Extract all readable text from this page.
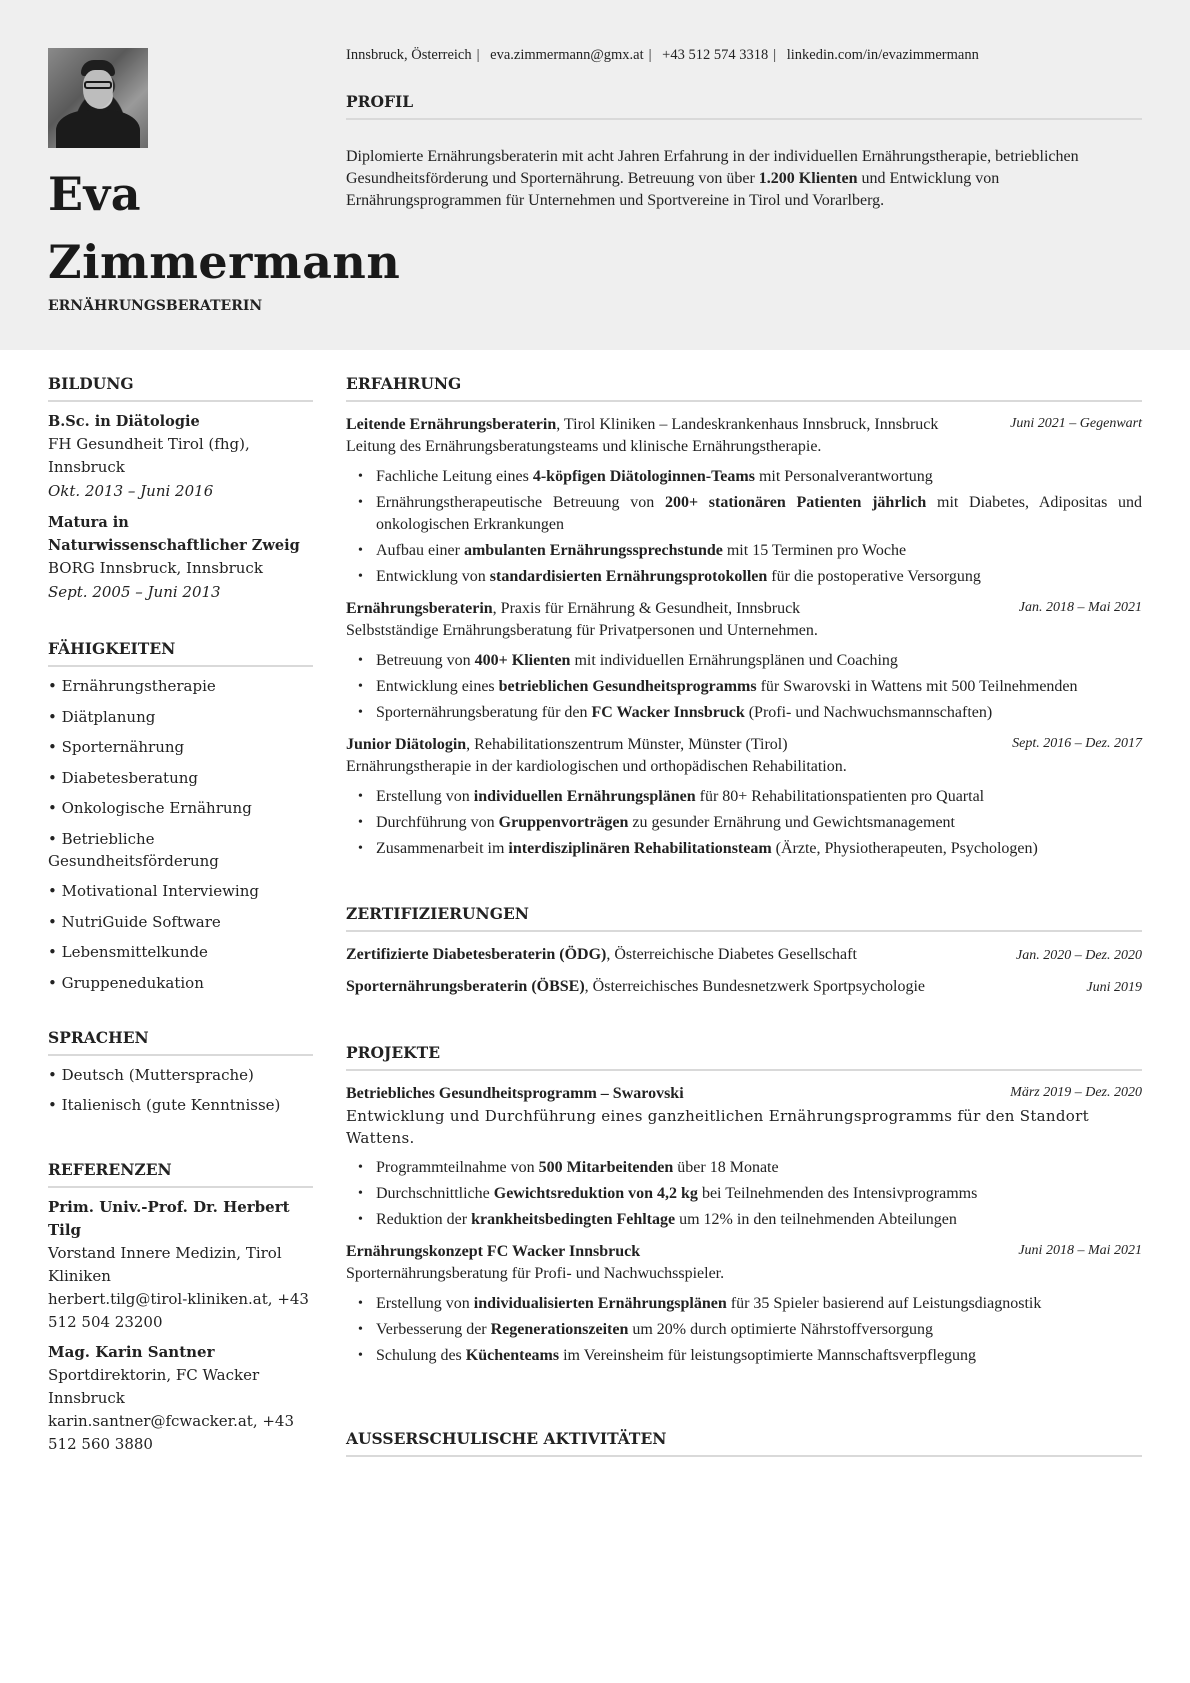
Eva
Zimmermann
ERNÄHRUNGSBERATERIN
Innsbruck, Österreich | eva.zimmermann@gmx.at | +43 512 574 3318 | linkedin.com/in/evazimmermann
PROFIL

Diplomierte Ernährungsberaterin mit acht Jahren Erfahrung in der individuellen Ernährungstherapie, betrieblichen Gesundheitsförderung und Sporternährung. Betreuung von über 1.200 Klienten und Entwicklung von Ernährungsprogrammen für Unternehmen und Sportvereine in Tirol und Vorarlberg.

BILDUNG
B.Sc. in Diätologie
FH Gesundheit Tirol (fhg), Innsbruck
Okt. 2013 – Juni 2016
Matura in Naturwissenschaftlicher Zweig
BORG Innsbruck, Innsbruck
Sept. 2005 – Juni 2013
FÄHIGKEITEN
• Ernährungstherapie
• Diätplanung
• Sporternährung
• Diabetesberatung
• Onkologische Ernährung
• Betriebliche Gesundheitsförderung
• Motivational Interviewing
• NutriGuide Software
• Lebensmittelkunde
• Gruppenedukation
SPRACHEN
• Deutsch (Muttersprache)
• Italienisch (gute Kenntnisse)
REFERENZEN
Prim. Univ.-Prof. Dr. Herbert Tilg
Vorstand Innere Medizin, Tirol Kliniken
herbert.tilg@tirol-kliniken.at, +43 512 504 23200
Mag. Karin Santner
Sportdirektorin, FC Wacker Innsbruck
karin.santner@fcwacker.at, +43 512 560 3880
ERFAHRUNG
Leitende Ernährungsberaterin, Tirol Kliniken – Landeskrankenhaus Innsbruck, Innsbruck	Juni 2021 – Gegenwart
Leitung des Ernährungsberatungsteams und klinische Ernährungstherapie.
• Fachliche Leitung eines 4-köpfigen Diätologinnen-Teams mit Personalverantwortung
• Ernährungstherapeutische Betreuung von 200+ stationären Patienten jährlich mit Diabetes, Adipositas und onkologischen Erkrankungen
• Aufbau einer ambulanten Ernährungssprechstunde mit 15 Terminen pro Woche
• Entwicklung von standardisierten Ernährungsprotokollen für die postoperative Versorgung
Ernährungsberaterin, Praxis für Ernährung & Gesundheit, Innsbruck	Jan. 2018 – Mai 2021
Selbstständige Ernährungsberatung für Privatpersonen und Unternehmen.
• Betreuung von 400+ Klienten mit individuellen Ernährungsplänen und Coaching
• Entwicklung eines betrieblichen Gesundheitsprogramms für Swarovski in Wattens mit 500 Teilnehmenden
• Sporternährungsberatung für den FC Wacker Innsbruck (Profi- und Nachwuchsmannschaften)
Junior Diätologin, Rehabilitationszentrum Münster, Münster (Tirol)	Sept. 2016 – Dez. 2017
Ernährungstherapie in der kardiologischen und orthopädischen Rehabilitation.
• Erstellung von individuellen Ernährungsplänen für 80+ Rehabilitationspatienten pro Quartal
• Durchführung von Gruppenvorträgen zu gesunder Ernährung und Gewichtsmanagement
• Zusammenarbeit im interdisziplinären Rehabilitationsteam (Ärzte, Physiotherapeuten, Psychologen)
ZERTIFIZIERUNGEN
Zertifizierte Diabetesberaterin (ÖDG), Österreichische Diabetes Gesellschaft	Jan. 2020 – Dez. 2020
Sporternährungsberaterin (ÖBSE), Österreichisches Bundesnetzwerk Sportpsychologie	Juni 2019
PROJEKTE
Betriebliches Gesundheitsprogramm – Swarovski	März 2019 – Dez. 2020
Entwicklung und Durchführung eines ganzheitlichen Ernährungsprogramms für den Standort Wattens.
• Programmteilnahme von 500 Mitarbeitenden über 18 Monate
• Durchschnittliche Gewichtsreduktion von 4,2 kg bei Teilnehmenden des Intensivprogramms
• Reduktion der krankheitsbedingten Fehltage um 12% in den teilnehmenden Abteilungen
Ernährungskonzept FC Wacker Innsbruck	Juni 2018 – Mai 2021
Sporternährungsberatung für Profi- und Nachwuchsspieler.
• Erstellung von individualisierten Ernährungsplänen für 35 Spieler basierend auf Leistungsdiagnostik
• Verbesserung der Regenerationszeiten um 20% durch optimierte Nährstoffversorgung
• Schulung des Küchenteams im Vereinsheim für leistungsoptimierte Mannschaftsverpflegung
AUSSERSCHULISCHE AKTIVITÄTEN
